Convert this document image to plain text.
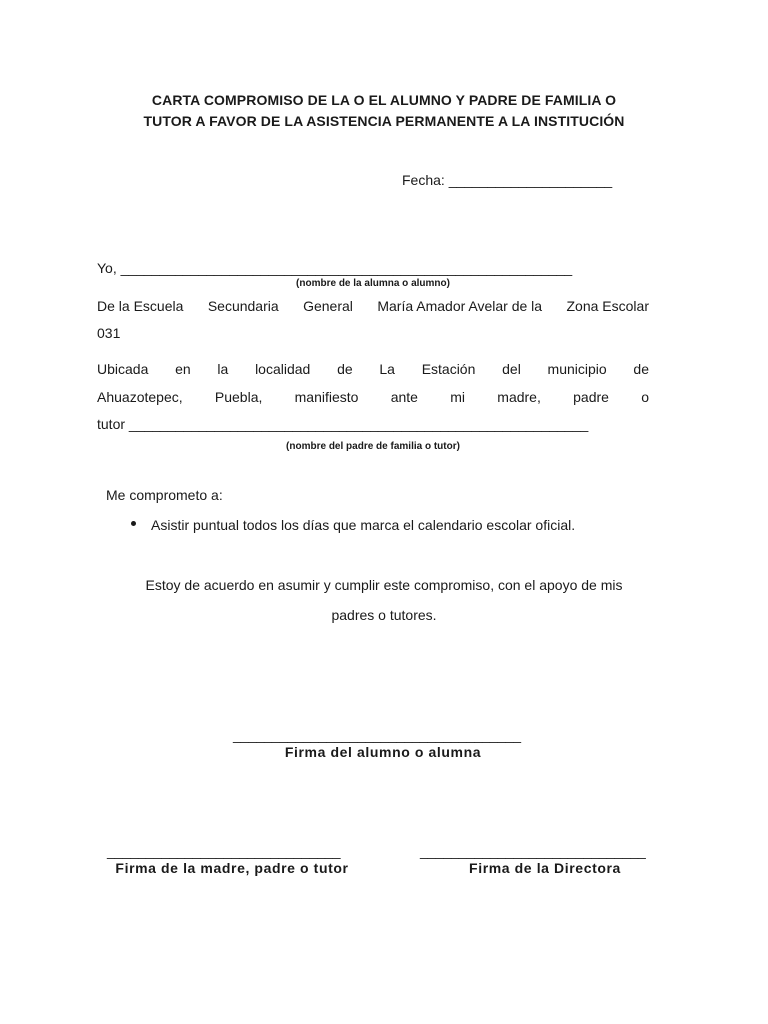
CARTA COMPROMISO DE LA O EL ALUMNO Y PADRE DE FAMILIA O
TUTOR A FAVOR DE LA ASISTENCIA PERMANENTE A LA INSTITUCIÓN
Fecha: _____________________
Yo, __________________________________________________________
(nombre de la alumna o alumno)
De la Escuela Secundaria General María Amador Avelar de la Zona Escolar
031
Ubicada en la localidad de La Estación del municipio de
Ahuazotepec, Puebla, manifiesto ante mi madre, padre o
tutor ___________________________________________________________
(nombre del padre de familia o tutor)
Me comprometo a:
Asistir puntual todos los días que marca el calendario escolar oficial.
Estoy de acuerdo en asumir y cumplir este compromiso, con el apoyo de mis
padres o tutores.
_____________________________________
Firma del alumno o alumna
______________________________
Firma de la madre, padre o tutor
_____________________________
Firma de la Directora
